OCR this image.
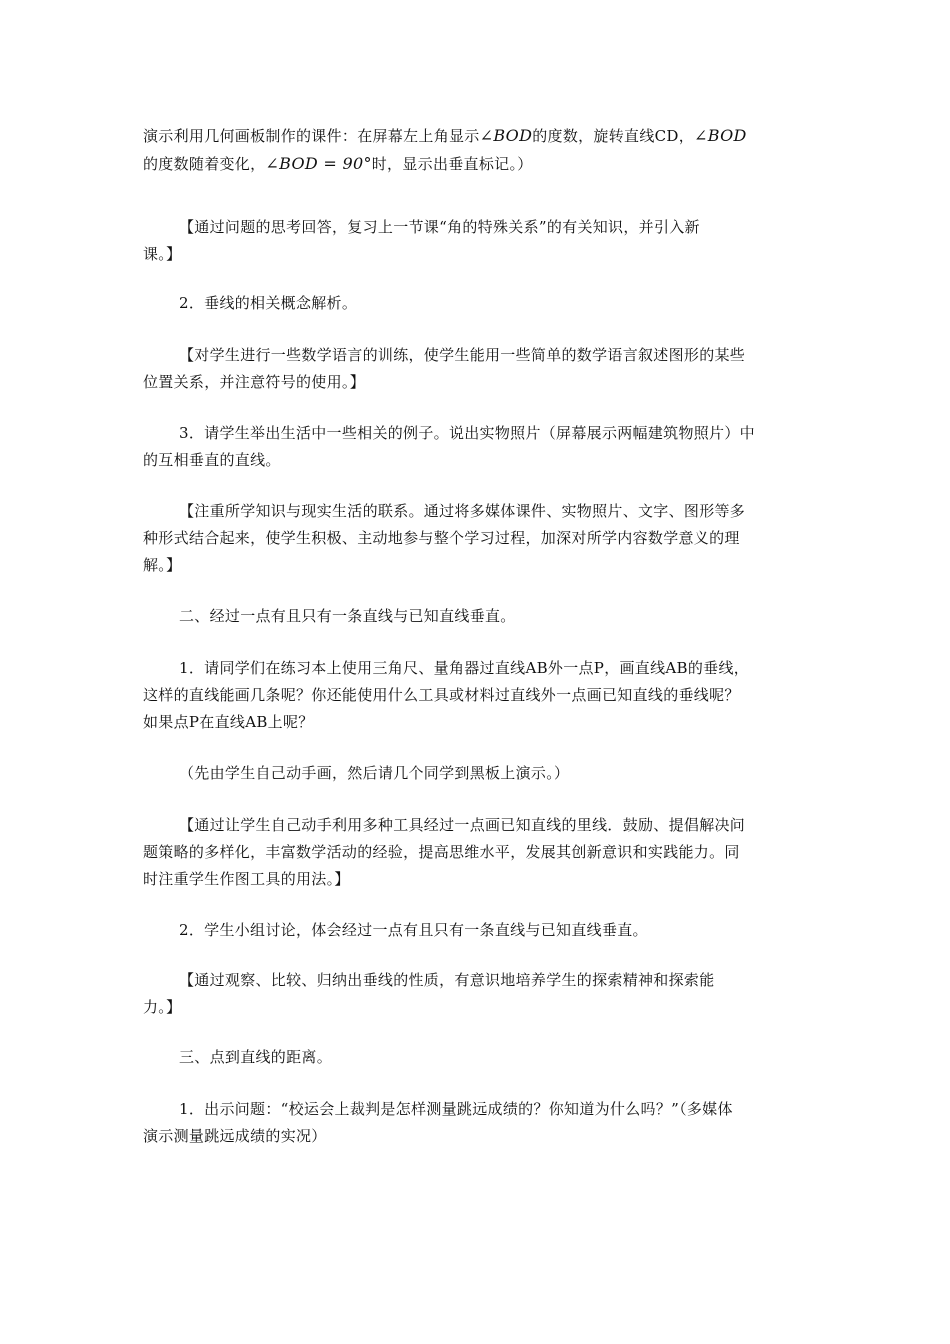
演示利用几何画板制作的课件：在屏幕左上角显示∠BOD的度数，旋转直线CD，∠BOD
的度数随着变化，∠BOD = 90°时，显示出垂直标记。）
【通过问题的思考回答，复习上一节课“角的特殊关系”的有关知识，并引入新
课。】
2．垂线的相关概念解析。
【对学生进行一些数学语言的训练，使学生能用一些简单的数学语言叙述图形的某些
位置关系，并注意符号的使用。】
3．请学生举出生活中一些相关的例子。说出实物照片（屏幕展示两幅建筑物照片）中
的互相垂直的直线。
【注重所学知识与现实生活的联系。通过将多媒体课件、实物照片、文字、图形等多
种形式结合起来，使学生积极、主动地参与整个学习过程，加深对所学内容数学意义的理
解。】
二、经过一点有且只有一条直线与已知直线垂直。
1．请同学们在练习本上使用三角尺、量角器过直线AB外一点P，画直线AB的垂线，
这样的直线能画几条呢？你还能使用什么工具或材料过直线外一点画已知直线的垂线呢？
如果点P在直线AB上呢？
（先由学生自己动手画，然后请几个同学到黑板上演示。）
【通过让学生自己动手利用多种工具经过一点画已知直线的里线．鼓励、提倡解决问
题策略的多样化，丰富数学活动的经验，提高思维水平，发展其创新意识和实践能力。同
时注重学生作图工具的用法。】
2．学生小组讨论，体会经过一点有且只有一条直线与已知直线垂直。
【通过观察、比较、归纳出垂线的性质，有意识地培养学生的探索精神和探索能
力。】
三、点到直线的距离。
1．出示问题：“校运会上裁判是怎样测量跳远成绩的？你知道为什么吗？”（多媒体
演示测量跳远成绩的实况）
